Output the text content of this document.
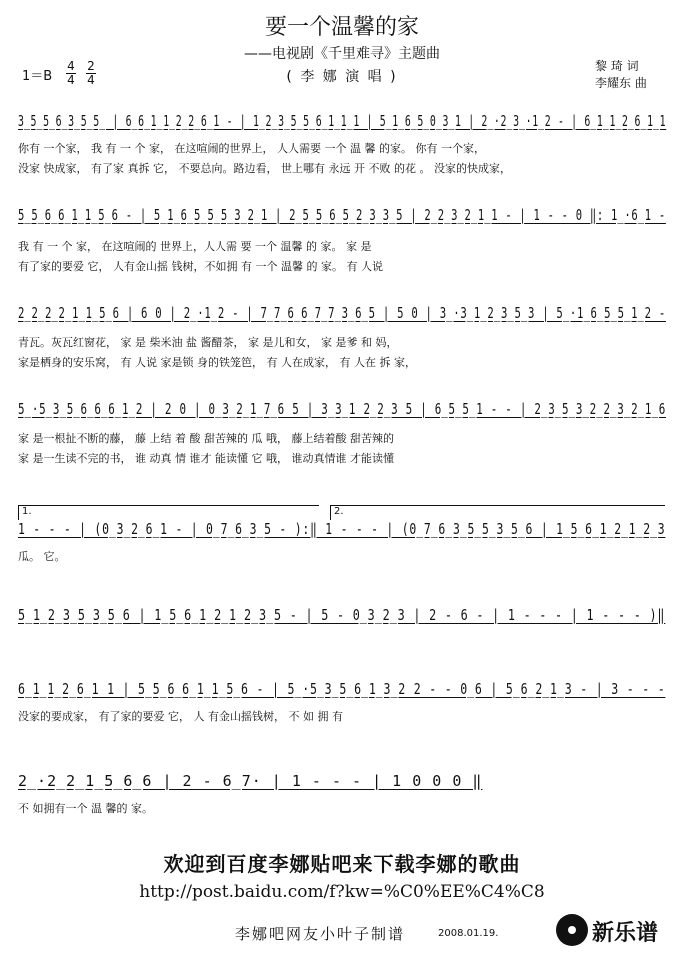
要一个温馨的家
——电视剧《千里难寻》主题曲
( 李 娜 演 唱 )
1＝B
4
4
2
4
黎 琦 词
李耀东 曲
3̲5̲5̲6̲3̲5̲5̲ | 6̲6̲1̲1̲2̲2̲6̲1 - | 1̲2̲3̲5̲5̲6̲1̲1̲1 | 5̲1̲6̲5̲0̲3̲1 | 2̲·2̲3̲·1̲2 - | 6̲1̲1̲2̲6̲1̲1
你有 一个家， 我 有 一 个 家， 在这喧闹的世界上， 人人需要 一个 温 馨 的家。 你有 一个家，
没家 快成家， 有了家 真拆 它， 不要总向。路边看， 世上哪有 永远 开 不败 的花 。 没家的快成家，
5̲5̲6̲6̲1̲1̲5̲6 - | 5̲1̲6̲5̲5̲5̲3̲2̲1 | 2̲5̲5̲6̲5̲2̲3̲3̲5 | 2̲2̲3̲2̲1̲1 - | 1 - - 0 ‖: 1̲·6̲1 -
我 有 一 个 家， 在这喧闹的 世界上，人人需 要 一个 温馨 的 家。 家 是
有了家的要爱 它， 人有金山摇 钱树，不如拥 有 一个 温馨 的 家。 有 人说
2̲2̲2̲2̲1̲1̲5̲6 | 6 0 | 2̲·1̲2 - | 7̲7̲6̲6̲7̲7̲3̲6̲5 | 5 0 | 3̲·3̲1̲2̲3̲5̲3 | 5̲·1̲6̲5̲5̲1̲2 -
青瓦。灰瓦红窗花， 家 是 柴米油 盐 酱醋茶， 家 是儿和女， 家 是爹 和 妈，
家是栖身的安乐窝， 有 人说 家是锁 身的铁笼笆， 有 人在成家， 有 人在 拆 家，
5̲·5̲3̲5̲6̲6̲6̲1̲2 | 2 0 | 0̲3̲2̲1̲7̲6 5 | 3̲3̲1 2̲2̲3 5 | 6̲5̲5̲1 - - | 2̲3̲5̲3̲2̲2̲3̲2̲1̲6
家 是一根扯不断的藤， 藤 上结 着 酸 甜苦辣的 瓜 哦， 藤上结着酸 甜苦辣的
家 是一生读不完的书， 谁 动真 情 谁才 能读懂 它 哦， 谁动真情谁 才能读懂
1.	2.
1 - - - | (0̲3̲2̲6̲1 - | 0̲7̲6̲3̲5 - ):‖ 1 - - - | (0̲7̲6̲3̲5̲5̲3̲5̲6 | 1̲5̲6̲1̲2̲1̲2̲3
瓜。 它。
5̲1̲2̲3̲5̲3̲5̲6 | 1̲5̲6̲1̲2̲1̲2̲3̲5 - | 5 - 0̲3̲2̲3 | 2 - 6 - | 1 - - - | 1 - - - )‖
6̲1̲1̲2̲6̲1 1 | 5̲5̲6̲6̲1̲1̲5̲6 - | 5̲·5̲3̲5̲6̲1̲3̲2 2 - - 0̲6 | 5̲6̲2̲1̲3 - | 3 - - -
没家的要成家， 有了家的要爱 它， 人 有金山摇钱树， 不 如 拥 有
2̲·2̲2̲1̲5̲6̲6 | 2 - 6̲7· | 1 - - - | 1 0 0 0 ‖
不 如拥有一个 温 馨的 家。
欢迎到百度李娜贴吧来下载李娜的歌曲
http://post.baidu.com/f?kw=%C0%EE%C4%C8
李娜吧网友小叶子制谱	2008.01.19.	新乐谱
